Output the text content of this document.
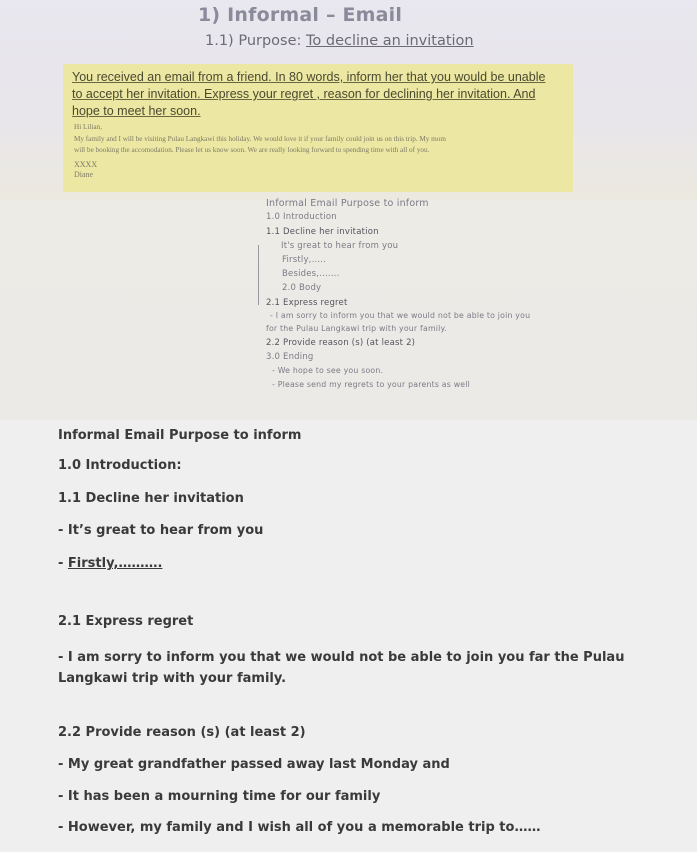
1) Informal – Email
1.1) Purpose: To decline an invitation
You received an email from a friend. In 80 words, inform her that you would be unable
to accept her invitation. Express your regret , reason for declining her invitation. And
hope to meet her soon.
Hi Lilian,
My family and I will be visiting Pulau Langkawi this holiday. We would love it if your family could join us on this trip. My mom
will be booking the accomodation. Please let us know soon. We are really looking forward to spending time with all of you.
XXXX
Diane
Informal Email Purpose to inform
1.0 Introduction
1.1 Decline her invitation
It's great to hear from you
Firstly,.....
Besides,.......
2.0 Body
2.1 Express regret
- I am sorry to inform you that we would not be able to join you
for the Pulau Langkawi trip with your family.
2.2 Provide reason (s) (at least 2)
3.0 Ending
- We hope to see you soon.
- Please send my regrets to your parents as well
Informal Email Purpose to inform
1.0 Introduction:
1.1 Decline her invitation
- It’s great to hear from you
- Firstly,……….
2.1 Express regret
- I am sorry to inform you that we would not be able to join you far the Pulau Langkawi trip with your family.
2.2 Provide reason (s) (at least 2)
- My great grandfather passed away last Monday and
- It has been a mourning time for our family
- However, my family and I wish all of you a memorable trip to……
